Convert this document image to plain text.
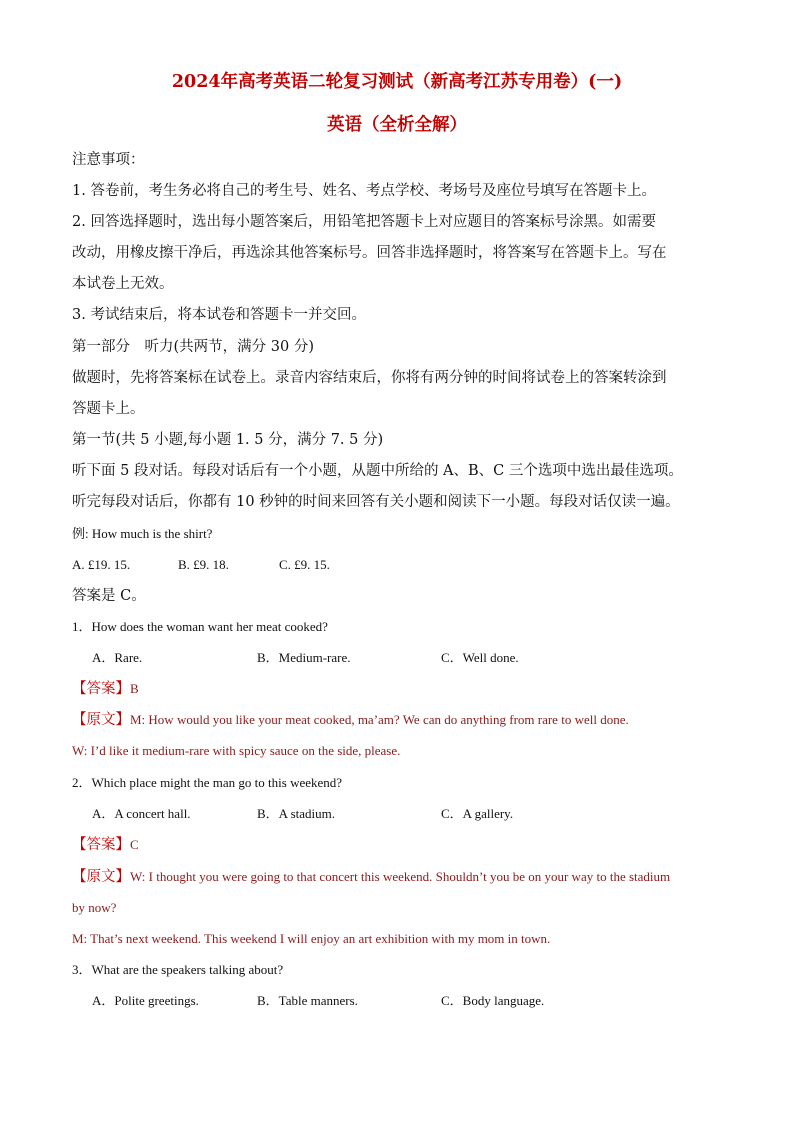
2024年高考英语二轮复习测试（新高考江苏专用卷）(一)
英语（全析全解）
注意事项：
1. 答卷前，考生务必将自己的考生号、姓名、考点学校、考场号及座位号填写在答题卡上。
2. 回答选择题时，选出每小题答案后，用铅笔把答题卡上对应题目的答案标号涂黑。如需要
改动，用橡皮擦干净后，再选涂其他答案标号。回答非选择题时，将答案写在答题卡上。写在
本试卷上无效。
3. 考试结束后，将本试卷和答题卡一并交回。
第一部分　听力(共两节，满分 30 分)
做题时，先将答案标在试卷上。录音内容结束后，你将有两分钟的时间将试卷上的答案转涂到
答题卡上。
第一节(共 5 小题,每小题 1. 5 分，满分 7. 5 分)
听下面 5 段对话。每段对话后有一个小题，从题中所给的 A、B、C 三个选项中选出最佳选项。
听完每段对话后，你都有 10 秒钟的时间来回答有关小题和阅读下一小题。每段对话仅读一遍。
例: How much is the shirt?
A. £19. 15.	B. £9. 18.	C. £9. 15.
答案是 C。
1．How does the woman want her meat cooked?
A．Rare.	B．Medium-rare.	C．Well done.
【答案】B
【原文】M: How would you like your meat cooked, ma’am? We can do anything from rare to well done.
W: I’d like it medium-rare with spicy sauce on the side, please.
2．Which place might the man go to this weekend?
A．A concert hall.	B．A stadium.	C．A gallery.
【答案】C
【原文】W: I thought you were going to that concert this weekend. Shouldn’t you be on your way to the stadium
by now?
M: That’s next weekend. This weekend I will enjoy an art exhibition with my mom in town.
3．What are the speakers talking about?
A．Polite greetings.	B．Table manners.	C．Body language.
